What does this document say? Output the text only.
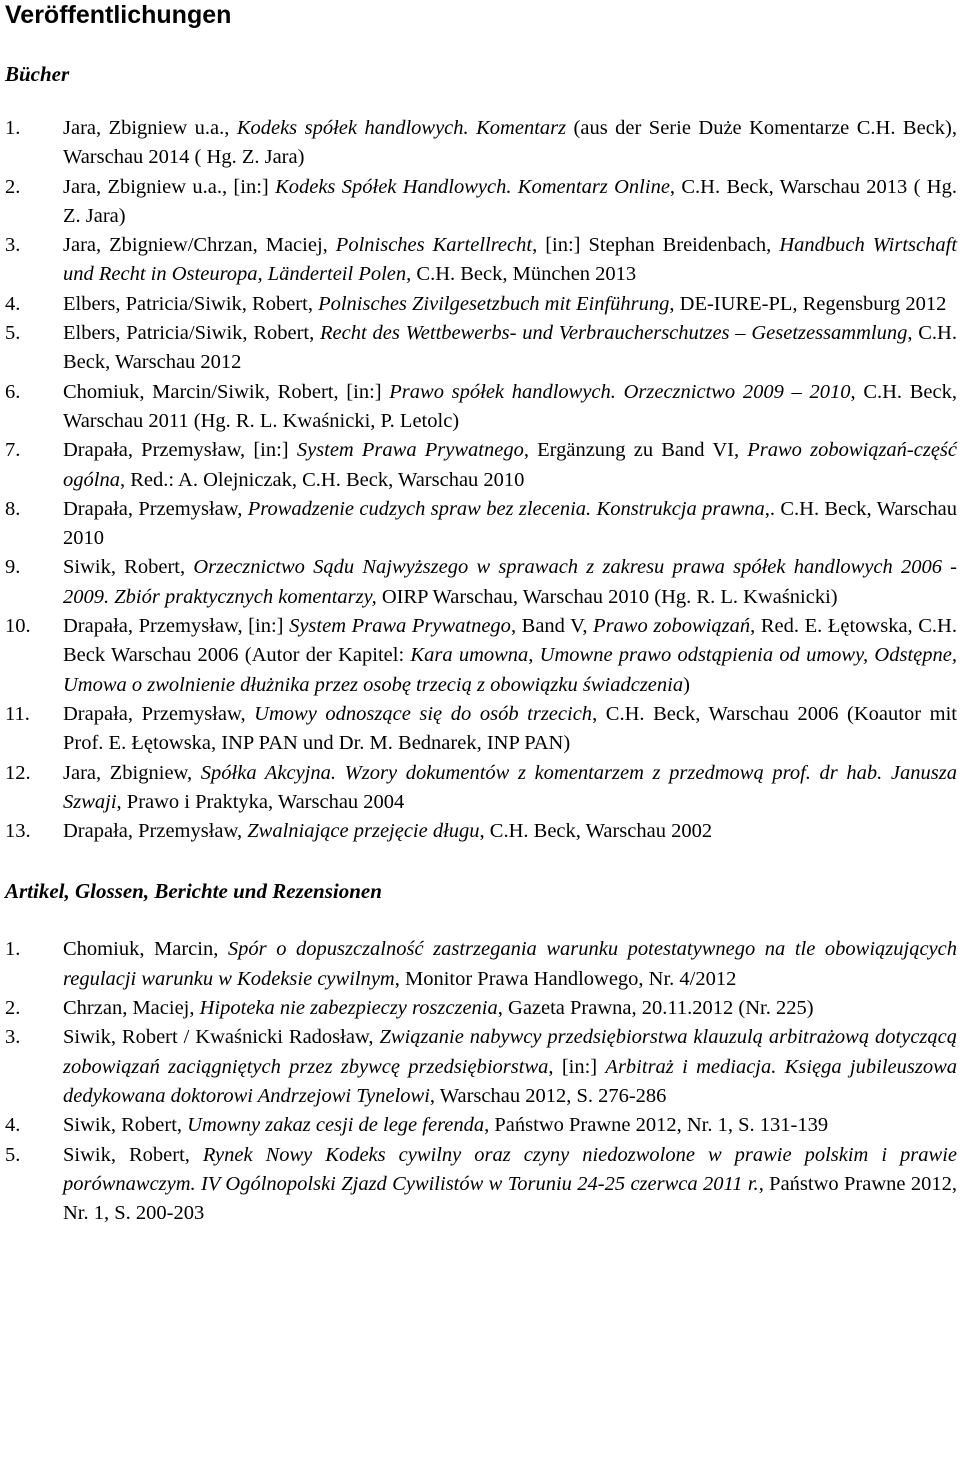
Veröffentlichungen
Bücher
1. Jara, Zbigniew u.a., Kodeks spółek handlowych. Komentarz (aus der Serie Duże Komentarze C.H. Beck), Warschau 2014 ( Hg. Z. Jara)
2. Jara, Zbigniew u.a., [in:] Kodeks Spółek Handlowych. Komentarz Online, C.H. Beck, Warschau 2013 ( Hg. Z. Jara)
3. Jara, Zbigniew/Chrzan, Maciej, Polnisches Kartellrecht, [in:] Stephan Breidenbach, Handbuch Wirtschaft und Recht in Osteuropa, Länderteil Polen, C.H. Beck, München 2013
4. Elbers, Patricia/Siwik, Robert, Polnisches Zivilgesetzbuch mit Einführung, DE-IURE-PL, Regensburg 2012
5. Elbers, Patricia/Siwik, Robert, Recht des Wettbewerbs- und Verbraucherschutzes – Gesetzessammlung, C.H. Beck, Warschau 2012
6. Chomiuk, Marcin/Siwik, Robert, [in:] Prawo spółek handlowych. Orzecznictwo 2009 – 2010, C.H. Beck, Warschau 2011 (Hg. R. L. Kwaśnicki, P. Letolc)
7. Drapała, Przemysław, [in:] System Prawa Prywatnego, Ergänzung zu Band VI, Prawo zobowiązań-część ogólna, Red.: A. Olejniczak, C.H. Beck, Warschau 2010
8. Drapała, Przemysław, Prowadzenie cudzych spraw bez zlecenia. Konstrukcja prawna,. C.H. Beck, Warschau 2010
9. Siwik, Robert, Orzecznictwo Sądu Najwyższego w sprawach z zakresu prawa spółek handlowych 2006 - 2009. Zbiór praktycznych komentarzy, OIRP Warschau, Warschau 2010 (Hg. R. L. Kwaśnicki)
10. Drapała, Przemysław, [in:] System Prawa Prywatnego, Band V, Prawo zobowiązań, Red. E. Łętowska, C.H. Beck Warschau 2006 (Autor der Kapitel: Kara umowna, Umowne prawo odstąpienia od umowy, Odstępne, Umowa o zwolnienie dłużnika przez osobę trzecią z obowiązku świadczenia)
11. Drapała, Przemysław, Umowy odnoszące się do osób trzecich, C.H. Beck, Warschau 2006 (Koautor mit Prof. E. Łętowska, INP PAN und Dr. M. Bednarek, INP PAN)
12. Jara, Zbigniew, Spółka Akcyjna. Wzory dokumentów z komentarzem z przedmową prof. dr hab. Janusza Szwaji, Prawo i Praktyka, Warschau 2004
13. Drapała, Przemysław, Zwalniające przejęcie długu, C.H. Beck, Warschau 2002
Artikel, Glossen, Berichte und Rezensionen
1. Chomiuk, Marcin, Spór o dopuszczalność zastrzegania warunku potestatywnego na tle obowiązujących regulacji warunku w Kodeksie cywilnym, Monitor Prawa Handlowego, Nr. 4/2012
2. Chrzan, Maciej, Hipoteka nie zabezpieczy roszczenia, Gazeta Prawna, 20.11.2012 (Nr. 225)
3. Siwik, Robert / Kwaśnicki Radosław, Związanie nabywcy przedsiębiorstwa klauzulą arbitrażową dotyczącą zobowiązań zaciągniętych przez zbywcę przedsiębiorstwa, [in:] Arbitraż i mediacja. Księga jubileuszowa dedykowana doktorowi Andrzejowi Tynelowi, Warschau 2012, S. 276-286
4. Siwik, Robert, Umowny zakaz cesji de lege ferenda, Państwo Prawne 2012, Nr. 1, S. 131-139
5. Siwik, Robert, Rynek Nowy Kodeks cywilny oraz czyny niedozwolone w prawie polskim i prawie porównawczym. IV Ogólnopolski Zjazd Cywilistów w Toruniu 24-25 czerwca 2011 r., Państwo Prawne 2012, Nr. 1, S. 200-203
